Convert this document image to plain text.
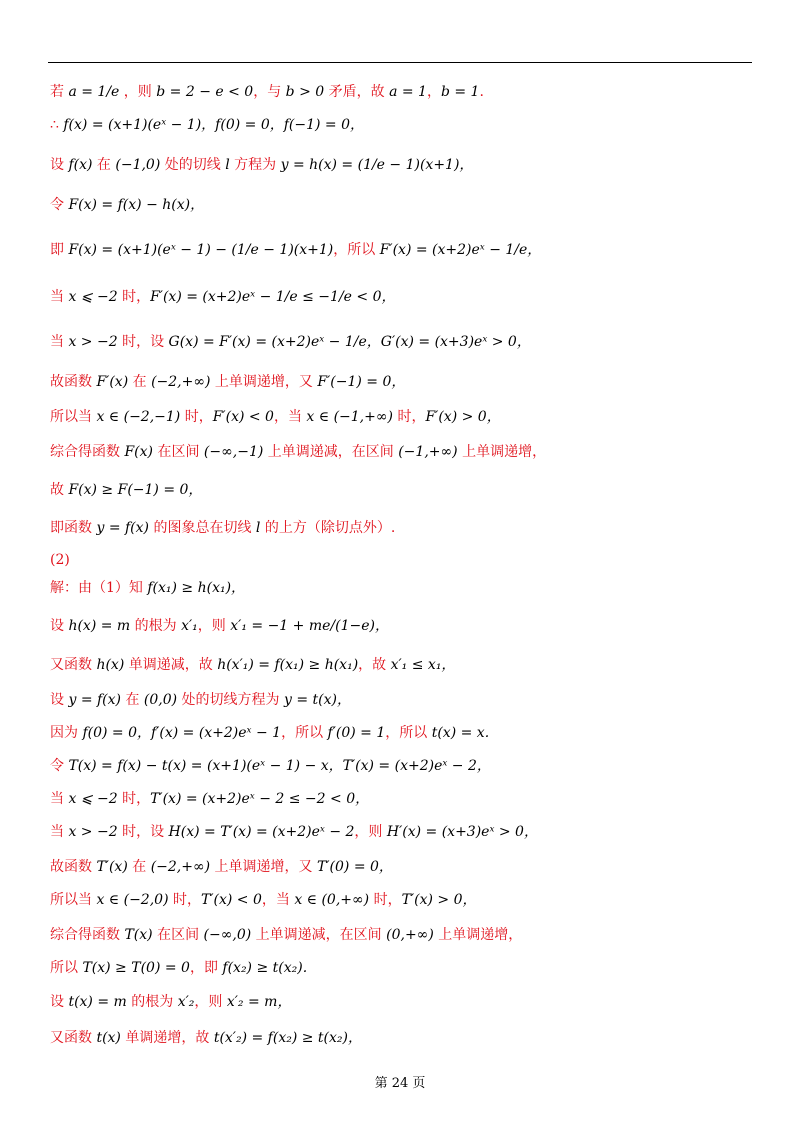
若 a = 1/e ，则 b = 2 − e < 0，与 b > 0 矛盾，故 a = 1，b = 1.
∴ f(x) = (x+1)(eˣ − 1)，f(0) = 0，f(−1) = 0，
设 f(x) 在 (−1,0) 处的切线 l 方程为 y = h(x) = (1/e − 1)(x+1)，
令 F(x) = f(x) − h(x)，
即 F(x) = (x+1)(eˣ − 1) − (1/e − 1)(x+1)，所以 F′(x) = (x+2)eˣ − 1/e，
当 x ⩽ −2 时，F′(x) = (x+2)eˣ − 1/e ≤ −1/e < 0，
当 x > −2 时，设 G(x) = F′(x) = (x+2)eˣ − 1/e，G′(x) = (x+3)eˣ > 0，
故函数 F′(x) 在 (−2,+∞) 上单调递增，又 F′(−1) = 0，
所以当 x ∈ (−2,−1) 时，F′(x) < 0，当 x ∈ (−1,+∞) 时，F′(x) > 0，
综合得函数 F(x) 在区间 (−∞,−1) 上单调递减，在区间 (−1,+∞) 上单调递增，
故 F(x) ≥ F(−1) = 0，
即函数 y = f(x) 的图象总在切线 l 的上方（除切点外）.
(2)
解：由（1）知 f(x₁) ≥ h(x₁)，
设 h(x) = m 的根为 x′₁，则 x′₁ = −1 + me/(1−e)，
又函数 h(x) 单调递减，故 h(x′₁) = f(x₁) ≥ h(x₁)，故 x′₁ ≤ x₁，
设 y = f(x) 在 (0,0) 处的切线方程为 y = t(x)，
因为 f(0) = 0，f′(x) = (x+2)eˣ − 1，所以 f′(0) = 1，所以 t(x) = x.
令 T(x) = f(x) − t(x) = (x+1)(eˣ − 1) − x，T′(x) = (x+2)eˣ − 2，
当 x ⩽ −2 时，T′(x) = (x+2)eˣ − 2 ≤ −2 < 0，
当 x > −2 时，设 H(x) = T′(x) = (x+2)eˣ − 2，则 H′(x) = (x+3)eˣ > 0，
故函数 T′(x) 在 (−2,+∞) 上单调递增，又 T′(0) = 0，
所以当 x ∈ (−2,0) 时，T′(x) < 0，当 x ∈ (0,+∞) 时，T′(x) > 0，
综合得函数 T(x) 在区间 (−∞,0) 上单调递减，在区间 (0,+∞) 上单调递增，
所以 T(x) ≥ T(0) = 0，即 f(x₂) ≥ t(x₂).
设 t(x) = m 的根为 x′₂，则 x′₂ = m，
又函数 t(x) 单调递增，故 t(x′₂) = f(x₂) ≥ t(x₂)，
第 24 页
